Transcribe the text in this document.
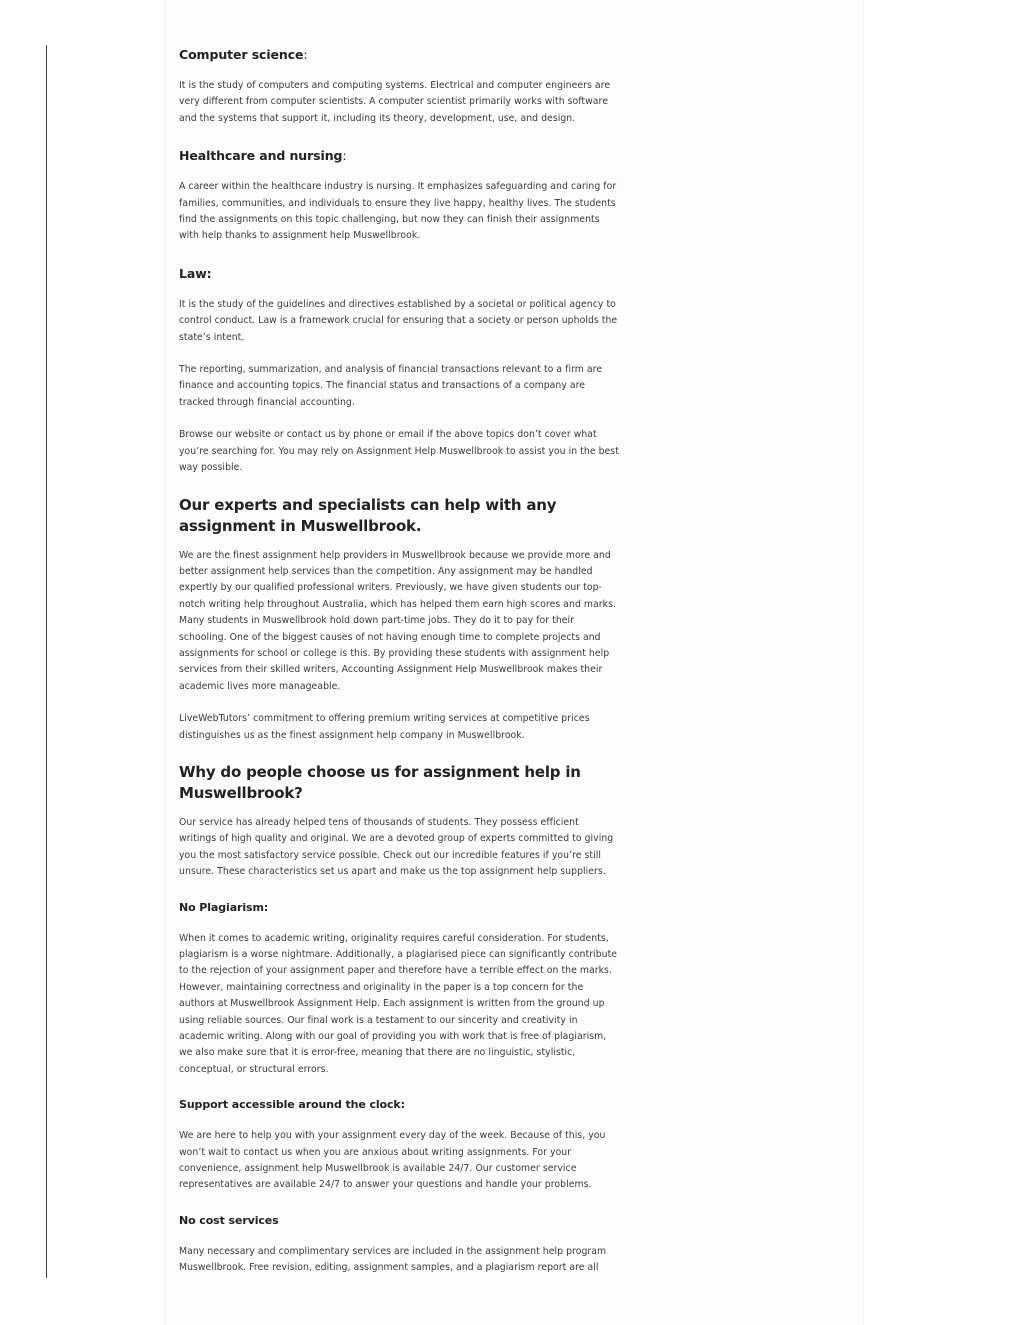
Computer science:

It is the study of computers and computing systems. Electrical and computer engineers are very different from computer scientists. A computer scientist primarily works with software and the systems that support it, including its theory, development, use, and design.

Healthcare and nursing:

A career within the healthcare industry is nursing. It emphasizes safeguarding and caring for families, communities, and individuals to ensure they live happy, healthy lives. The students find the assignments on this topic challenging, but now they can finish their assignments with help thanks to assignment help Muswellbrook.

Law:

It is the study of the guidelines and directives established by a societal or political agency to control conduct. Law is a framework crucial for ensuring that a society or person upholds the state’s intent.

The reporting, summarization, and analysis of financial transactions relevant to a firm are finance and accounting topics. The financial status and transactions of a company are tracked through financial accounting.

Browse our website or contact us by phone or email if the above topics don’t cover what you’re searching for. You may rely on Assignment Help Muswellbrook to assist you in the best way possible.

Our experts and specialists can help with any assignment in Muswellbrook.

We are the finest assignment help providers in Muswellbrook because we provide more and better assignment help services than the competition. Any assignment may be handled expertly by our qualified professional writers. Previously, we have given students our top-notch writing help throughout Australia, which has helped them earn high scores and marks. Many students in Muswellbrook hold down part-time jobs. They do it to pay for their schooling. One of the biggest causes of not having enough time to complete projects and assignments for school or college is this. By providing these students with assignment help services from their skilled writers, Accounting Assignment Help Muswellbrook makes their academic lives more manageable.

LiveWebTutors’ commitment to offering premium writing services at competitive prices distinguishes us as the finest assignment help company in Muswellbrook.

Why do people choose us for assignment help in Muswellbrook?

Our service has already helped tens of thousands of students. They possess efficient writings of high quality and original. We are a devoted group of experts committed to giving you the most satisfactory service possible. Check out our incredible features if you’re still unsure. These characteristics set us apart and make us the top assignment help suppliers.

No Plagiarism:

When it comes to academic writing, originality requires careful consideration. For students, plagiarism is a worse nightmare. Additionally, a plagiarised piece can significantly contribute to the rejection of your assignment paper and therefore have a terrible effect on the marks. However, maintaining correctness and originality in the paper is a top concern for the authors at Muswellbrook Assignment Help. Each assignment is written from the ground up using reliable sources. Our final work is a testament to our sincerity and creativity in academic writing. Along with our goal of providing you with work that is free of plagiarism, we also make sure that it is error-free, meaning that there are no linguistic, stylistic, conceptual, or structural errors.

Support accessible around the clock:

We are here to help you with your assignment every day of the week. Because of this, you won’t wait to contact us when you are anxious about writing assignments. For your convenience, assignment help Muswellbrook is available 24/7. Our customer service representatives are available 24/7 to answer your questions and handle your problems.

No cost services

Many necessary and complimentary services are included in the assignment help program Muswellbrook. Free revision, editing, assignment samples, and a plagiarism report are all
